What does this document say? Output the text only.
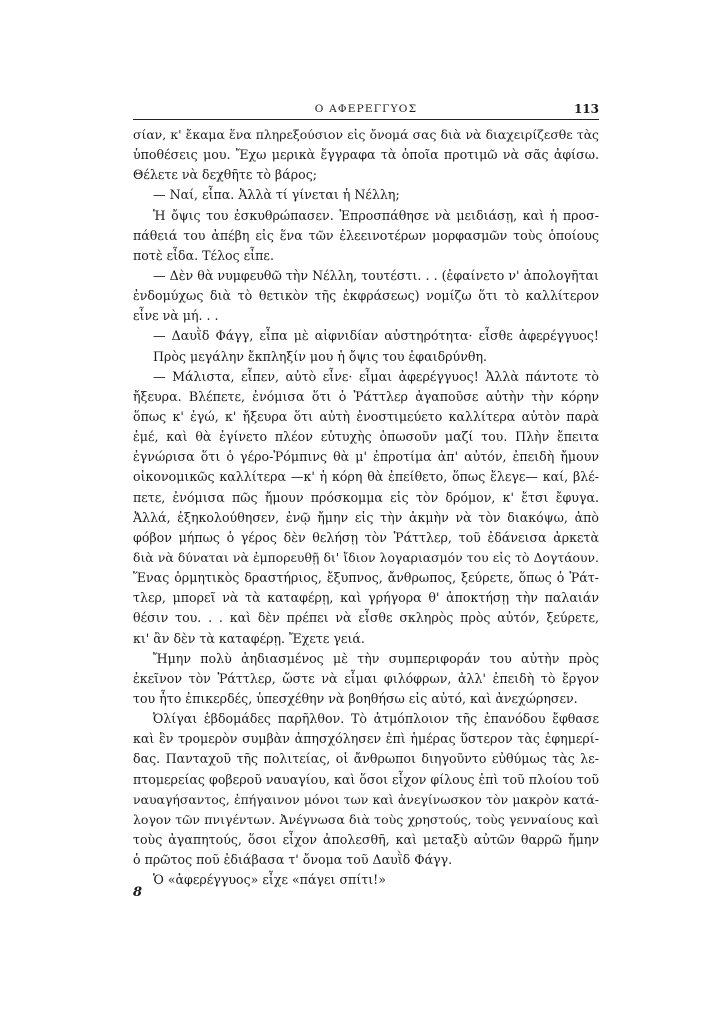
Ο ΑΦΕΡΕΓΓΥΟΣ	113
σίαν, κ' ἔκαμα ἕνα πληρεξούσιον εἰς ὄνομά σας διὰ νὰ διαχειρίζεσθε τὰς
ὑποθέσεις μου. Ἔχω μερικὰ ἔγγραφα τὰ ὁποῖα προτιμῶ νὰ σᾶς ἀφίσω.
Θέλετε νὰ δεχθῆτε τὸ βάρος;
— Ναί, εἶπα. Ἀλλὰ τί γίνεται ἡ Νέλλη;
Ἡ ὄψις του ἐσκυθρώπασεν. Ἐπροσπάθησε νὰ μειδιάσῃ, καὶ ἡ προσ-
πάθειά του ἀπέβη εἰς ἕνα τῶν ἐλεεινοτέρων μορφασμῶν τοὺς ὁποίους
ποτὲ εἶδα. Τέλος εἶπε.
— Δὲν θὰ νυμφευθῶ τὴν Νέλλη, τουτέστι. . . (ἐφαίνετο ν' ἀπολογῆται
ἐνδομύχως διὰ τὸ θετικὸν τῆς ἐκφράσεως) νομίζω ὅτι τὸ καλλίτερον
εἶνε νὰ μή. . .
— Δαυῒδ Φάγγ, εἶπα μὲ αἰφνιδίαν αὐστηρότητα· εἶσθε ἀφερέγγυος!
Πρὸς μεγάλην ἔκπληξίν μου ἡ ὄψις του ἐφαιδρύνθη.
— Μάλιστα, εἶπεν, αὐτὸ εἶνε· εἶμαι ἀφερέγγυος! Ἀλλὰ πάντοτε τὸ
ἤξευρα. Βλέπετε, ἐνόμισα ὅτι ὁ Ῥάττλερ ἀγαποῦσε αὐτὴν τὴν κόρην
ὅπως κ' ἐγώ, κ' ἤξευρα ὅτι αὐτὴ ἐνοστιμεύετο καλλίτερα αὐτὸν παρὰ
ἐμέ, καὶ θὰ ἐγίνετο πλέον εὐτυχὴς ὁπωσοῦν μαζί του. Πλὴν ἔπειτα
ἐγνώρισα ὅτι ὁ γέρο-Ῥόμπινς θὰ μ' ἐπροτίμα ἀπ' αὐτόν, ἐπειδὴ ἤμουν
οἰκονομικῶς καλλίτερα —κ' ἡ κόρη θὰ ἐπείθετο, ὅπως ἔλεγε— καί, βλέ-
πετε, ἐνόμισα πῶς ἤμουν πρόσκομμα εἰς τὸν δρόμον, κ' ἔτσι ἔφυγα.
Ἀλλά, ἐξηκολούθησεν, ἐνῷ ἤμην εἰς τὴν ἀκμὴν νὰ τὸν διακόψω, ἀπὸ
φόβον μήπως ὁ γέρος δὲν θελήσῃ τὸν Ῥάττλερ, τοῦ ἐδάνεισα ἀρκετὰ
διὰ νὰ δύναται νὰ ἐμπορευθῇ δι' ἴδιον λογαριασμόν του εἰς τὸ Δογτάουν.
Ἕνας ὁρμητικὸς δραστήριος, ἔξυπνος, ἄνθρωπος, ξεύρετε, ὅπως ὁ Ῥάτ-
τλερ, μπορεῖ νὰ τὰ καταφέρῃ, καὶ γρήγορα θ' ἀποκτήσῃ τὴν παλαιάν
θέσιν του. . . καὶ δὲν πρέπει νὰ εἶσθε σκληρὸς πρὸς αὐτόν, ξεύρετε,
κι' ἂν δὲν τὰ καταφέρῃ. Ἔχετε γειά.
Ἤμην πολὺ ἀηδιασμένος μὲ τὴν συμπεριφοράν του αὐτὴν πρὸς
ἐκεῖνον τὸν Ῥάττλερ, ὥστε νὰ εἶμαι φιλόφρων, ἀλλ' ἐπειδὴ τὸ ἔργον
του ἦτο ἐπικερδές, ὑπεσχέθην νὰ βοηθήσω εἰς αὐτό, καὶ ἀνεχώρησεν.
Ὀλίγαι ἑβδομάδες παρῆλθον. Τὸ ἀτμόπλοιον τῆς ἐπανόδου ἔφθασε
καὶ ἓν τρομερὸν συμβὰν ἀπησχόλησεν ἐπὶ ἡμέρας ὕστερον τὰς ἐφημερί-
δας. Πανταχοῦ τῆς πολιτείας, οἱ ἄνθρωποι διηγοῦντο εὐθύμως τὰς λε-
πτομερείας φοβεροῦ ναυαγίου, καὶ ὅσοι εἶχον φίλους ἐπὶ τοῦ πλοίου τοῦ
ναυαγήσαντος, ἐπήγαινον μόνοι των καὶ ἀνεγίνωσκον τὸν μακρὸν κατά-
λογον τῶν πνιγέντων. Ἀνέγνωσα διὰ τοὺς χρηστούς, τοὺς γενναίους καὶ
τοὺς ἀγαπητούς, ὅσοι εἶχον ἀπολεσθῆ, καὶ μεταξὺ αὐτῶν θαρρῶ ἤμην
ὁ πρῶτος ποῦ ἐδιάβασα τ' ὄνομα τοῦ Δαυῒδ Φάγγ.
Ὁ «ἀφερέγγυος» εἶχε «πάγει σπίτι!»
8
